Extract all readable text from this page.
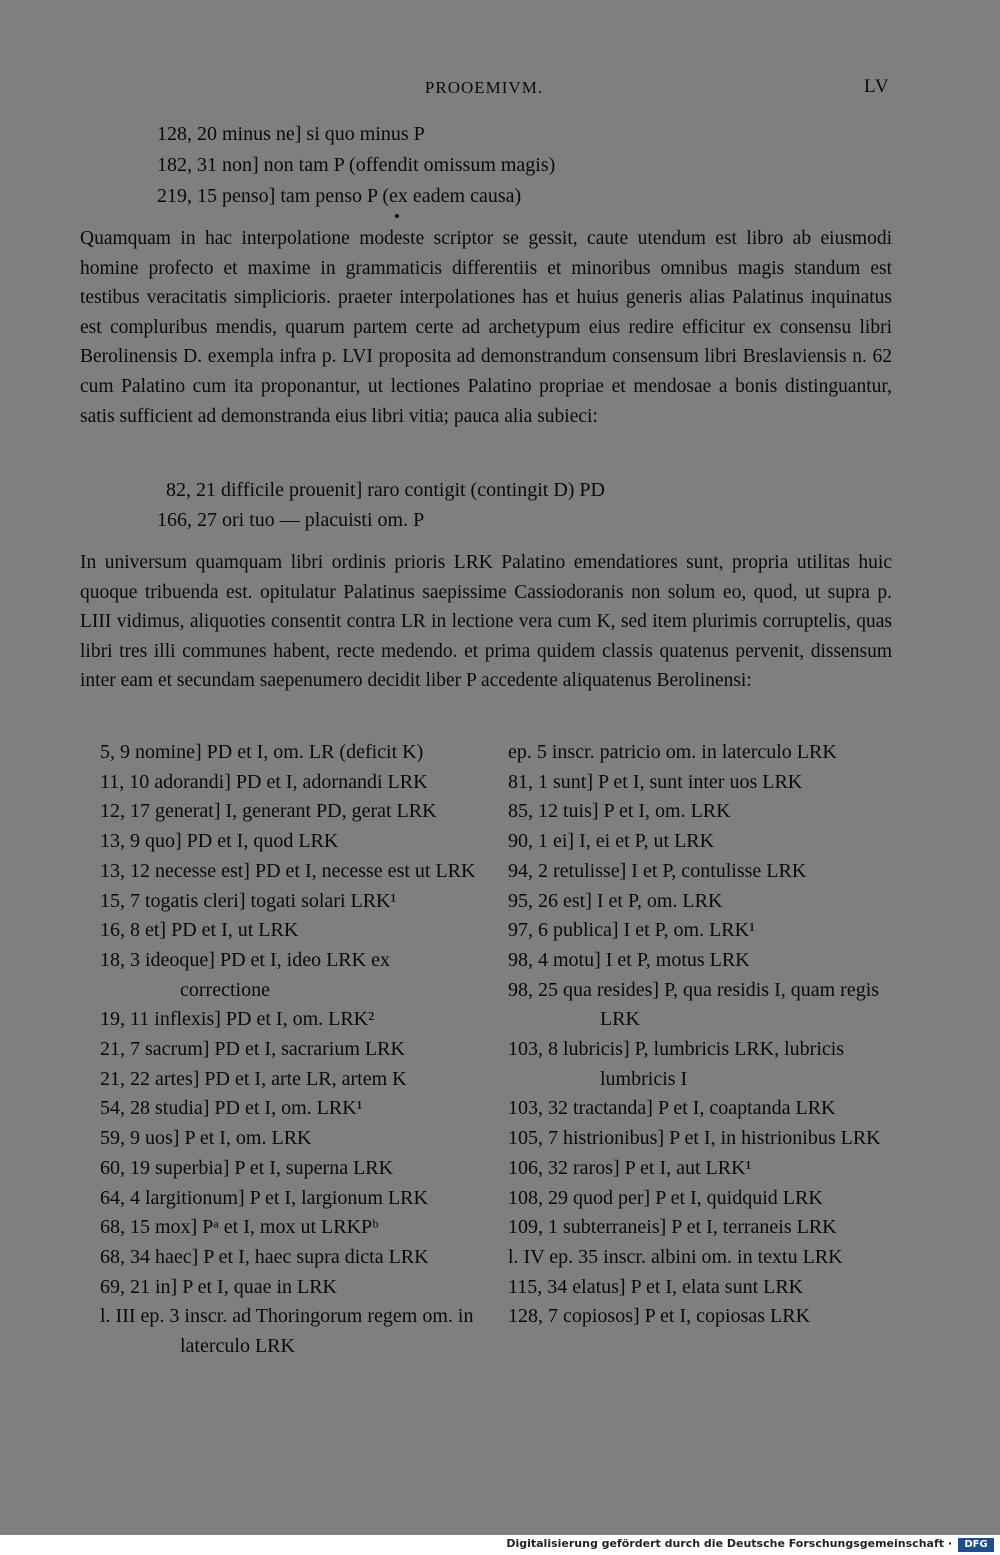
PROOEMIVM.	LV
128, 20 minus ne] si quo minus P
182, 31 non] non tam P (offendit omissum magis)
219, 15 penso] tam penso P (ex eadem causa)

Quamquam in hac interpolatione modeste scriptor se gessit, caute utendum est libro ab eiusmodi homine profecto et maxime in grammaticis differentiis et minoribus omnibus magis standum est testibus veracitatis simplicioris. praeter interpolationes has et huius generis alias Palatinus inquinatus est compluribus mendis, quarum partem certe ad archetypum eius redire efficitur ex consensu libri Berolinensis D. exempla infra p. LVI proposita ad demonstrandum consensum libri Breslaviensis n. 62 cum Palatino cum ita proponantur, ut lectiones Palatino propriae et mendosae a bonis distinguantur, satis sufficient ad demonstranda eius libri vitia; pauca alia subieci:

82, 21 difficile prouenit] raro contigit (contingit D) PD
166, 27 ori tuo — placuisti om. P

In universum quamquam libri ordinis prioris LRK Palatino emendatiores sunt, propria utilitas huic quoque tribuenda est. opitulatur Palatinus saepissime Cassiodoranis non solum eo, quod, ut supra p. LIII vidimus, aliquoties consentit contra LR in lectione vera cum K, sed item plurimis corruptelis, quas libri tres illi communes habent, recte medendo. et prima quidem classis quatenus pervenit, dissensum inter eam et secundam saepenumero decidit liber P accedente aliquatenus Berolinensi:

5, 9 nomine] PD et I, om. LR (deficit K)

11, 10 adorandi] PD et I, adornandi LRK

12, 17 generat] I, generant PD, gerat LRK

13, 9 quo] PD et I, quod LRK

13, 12 necesse est] PD et I, necesse est ut LRK

15, 7 togatis cleri] togati solari LRK¹

16, 8 et] PD et I, ut LRK

18, 3 ideoque] PD et I, ideo LRK ex correctione

19, 11 inflexis] PD et I, om. LRK²

21, 7 sacrum] PD et I, sacrarium LRK

21, 22 artes] PD et I, arte LR, artem K

54, 28 studia] PD et I, om. LRK¹

59, 9 uos] P et I, om. LRK

60, 19 superbia] P et I, superna LRK

64, 4 largitionum] P et I, largionum LRK

68, 15 mox] Pᵃ et I, mox ut LRKPᵇ

68, 34 haec] P et I, haec supra dicta LRK

69, 21 in] P et I, quae in LRK

l. III ep. 3 inscr. ad Thoringorum regem om. in laterculo LRK

ep. 5 inscr. patricio om. in laterculo LRK

81, 1 sunt] P et I, sunt inter uos LRK

85, 12 tuis] P et I, om. LRK

90, 1 ei] I, ei et P, ut LRK

94, 2 retulisse] I et P, contulisse LRK

95, 26 est] I et P, om. LRK

97, 6 publica] I et P, om. LRK¹

98, 4 motu] I et P, motus LRK

98, 25 qua resides] P, qua residis I, quam regis LRK

103, 8 lubricis] P, lumbricis LRK, lubricis lumbricis I

103, 32 tractanda] P et I, coaptanda LRK

105, 7 histrionibus] P et I, in histrionibus LRK

106, 32 raros] P et I, aut LRK¹

108, 29 quod per] P et I, quidquid LRK

109, 1 subterraneis] P et I, terraneis LRK

l. IV ep. 35 inscr. albini om. in textu LRK

115, 34 elatus] P et I, elata sunt LRK

128, 7 copiosos] P et I, copiosas LRK

Digitalisierung gefördert durch die Deutsche Forschungsgemeinschaft ·	DFG
